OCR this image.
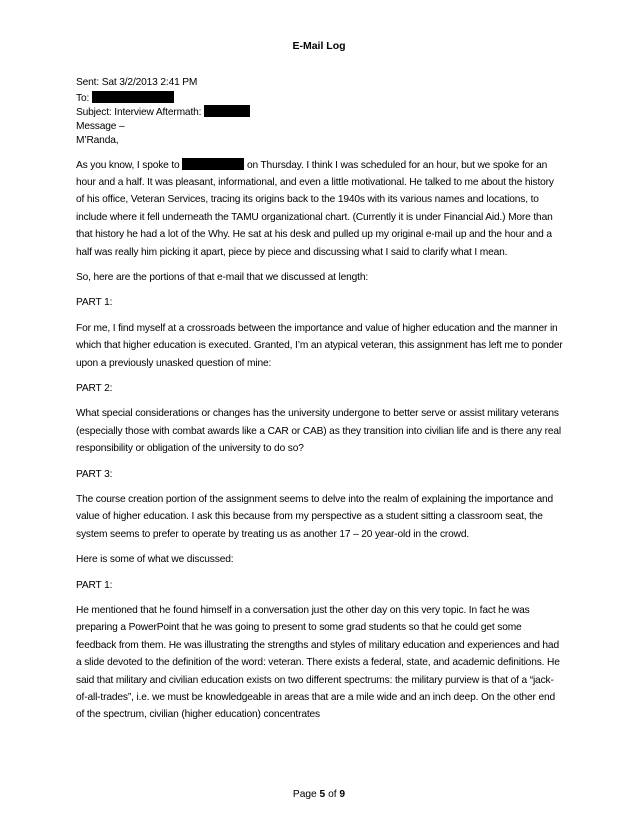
E-Mail Log
Sent: Sat 3/2/2013 2:41 PM
To:
Subject: Interview Aftermath:
Message –
M’Randa,

As you know, I spoke to	on Thursday. I think I was scheduled for an hour, but we spoke for an hour and a half. It was pleasant, informational, and even a little motivational. He talked to me about the history of his office, Veteran Services, tracing its origins back to the 1940s with its various names and locations, to include where it fell underneath the TAMU organizational chart. (Currently it is under Financial Aid.) More than that history he had a lot of the Why. He sat at his desk and pulled up my original e-mail up and the hour and a half was really him picking it apart, piece by piece and discussing what I said to clarify what I mean.

So, here are the portions of that e-mail that we discussed at length:

PART 1:

For me, I find myself at a crossroads between the importance and value of higher education and the manner in which that higher education is executed. Granted, I’m an atypical veteran, this assignment has left me to ponder upon a previously unasked question of mine:

PART 2:

What special considerations or changes has the university undergone to better serve or assist military veterans (especially those with combat awards like a CAR or CAB) as they transition into civilian life and is there any real responsibility or obligation of the university to do so?

PART 3:

The course creation portion of the assignment seems to delve into the realm of explaining the importance and value of higher education. I ask this because from my perspective as a student sitting a classroom seat, the system seems to prefer to operate by treating us as another 17 – 20 year-old in the crowd.

Here is some of what we discussed:

PART 1:

He mentioned that he found himself in a conversation just the other day on this very topic. In fact he was preparing a PowerPoint that he was going to present to some grad students so that he could get some feedback from them. He was illustrating the strengths and styles of military education and experiences and had a slide devoted to the definition of the word: veteran. There exists a federal, state, and academic definitions. He said that military and civilian education exists on two different spectrums: the military purview is that of a “jack-of-all-trades”, i.e. we must be knowledgeable in areas that are a mile wide and an inch deep. On the other end of the spectrum, civilian (higher education) concentrates

Page 5 of 9
